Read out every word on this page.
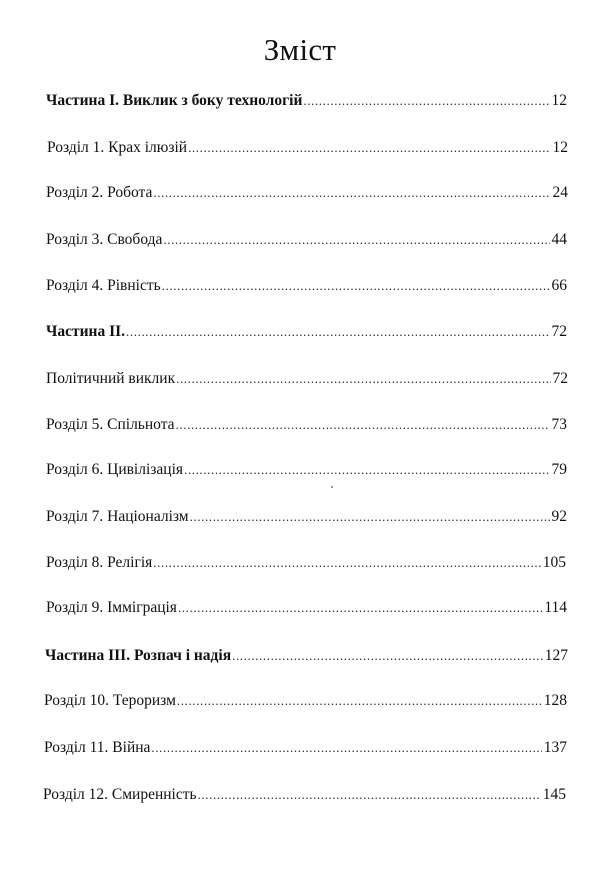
Зміст
Частина І. Виклик з боку технологій .....	12
Розділ 1. Крах ілюзій .....	12
Розділ 2. Робота .....	24
Розділ 3. Свобода .....	44
Розділ 4. Рівність .....	66
Частина II. .....	72
Політичний виклик .....	72
Розділ 5. Спільнота .....	73
Розділ 6. Цивілізація .....	79
Розділ 7. Націоналізм .....	92
Розділ 8. Релігія .....	105
Розділ 9. Імміграція .....	114
Частина III. Розпач і надія .....	127
Розділ 10. Тероризм .....	128
Розділ 11. Війна .....	137
Розділ 12. Смиренність .....	145
